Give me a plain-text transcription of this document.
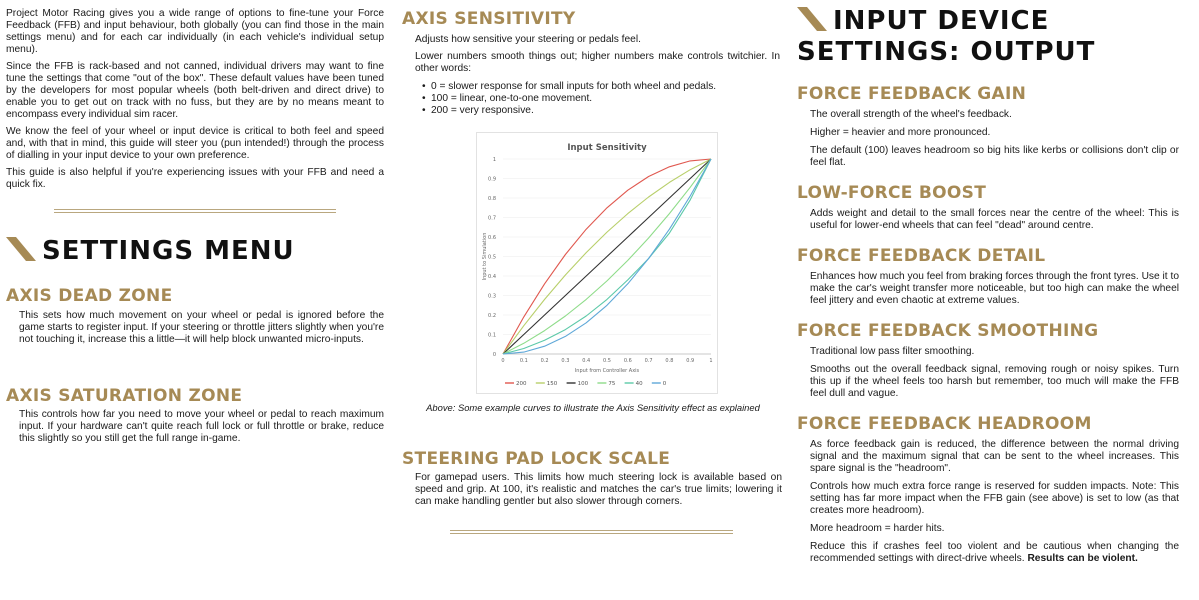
Project Motor Racing gives you a wide range of options to fine-tune your Force Feedback (FFB) and input behaviour, both globally (you can find those in the main settings menu) and for each car individually (in each vehicle's individual setup menu).

Since the FFB is rack-based and not canned, individual drivers may want to fine tune the settings that come "out of the box". These default values have been tuned by the developers for most popular wheels (both belt-driven and direct drive) to enable you to get out on track with no fuss, but they are by no means meant to encompass every individual sim racer.

We know the feel of your wheel or input device is critical to both feel and speed and, with that in mind, this guide will steer you (pun intended!) through the process of dialling in your input device to your own preference.

This guide is also helpful if you're experiencing issues with your FFB and need a quick fix.

SETTINGS MENU
AXIS DEAD ZONE

This sets how much movement on your wheel or pedal is ignored before the game starts to register input. If your steering or throttle jitters slightly when you're not touching it, increase this a little—it will help block unwanted micro-inputs.

AXIS SATURATION ZONE

This controls how far you need to move your wheel or pedal to reach maximum input. If your hardware can't quite reach full lock or full throttle or brake, reduce this slightly so you still get the full range in-game.

AXIS SENSITIVITY

Adjusts how sensitive your steering or pedals feel.

Lower numbers smooth things out; higher numbers make controls twitchier. In other words:

• 0 = slower response for small inputs for both wheel and pedals.
• 100 = linear, one-to-one movement.
• 200 = very responsive.
Input Sensitivity
0
0
0.1
0.1
0.2
0.2
0.3
0.3
0.4
0.4
0.5
0.5
0.6
0.6
0.7
0.7
0.8
0.8
0.9
0.9
1
1
Input from Controller Axis
Input to Simulation
200	150	100	75	40	0

Above: Some example curves to illustrate the Axis Sensitivity effect as explained

STEERING PAD LOCK SCALE

For gamepad users. This limits how much steering lock is available based on speed and grip. At 100, it's realistic and matches the car's true limits; lowering it can make handling gentler but also slower through corners.

INPUT DEVICE
SETTINGS: OUTPUT
FORCE FEEDBACK GAIN

The overall strength of the wheel's feedback.

Higher = heavier and more pronounced.

The default (100) leaves headroom so big hits like kerbs or collisions don't clip or feel flat.

LOW-FORCE BOOST

Adds weight and detail to the small forces near the centre of the wheel: This is useful for lower-end wheels that can feel "dead" around centre.

FORCE FEEDBACK DETAIL

Enhances how much you feel from braking forces through the front tyres. Use it to make the car's weight transfer more noticeable, but too high can make the wheel feel jittery and even chaotic at extreme values.

FORCE FEEDBACK SMOOTHING

Traditional low pass filter smoothing.

Smooths out the overall feedback signal, removing rough or noisy spikes. Turn this up if the wheel feels too harsh but remember, too much will make the FFB feel dull and vague.

FORCE FEEDBACK HEADROOM

As force feedback gain is reduced, the difference between the normal driving signal and the maximum signal that can be sent to the wheel increases. This spare signal is the "headroom".

Controls how much extra force range is reserved for sudden impacts. Note: This setting has far more impact when the FFB gain (see above) is set to low (as that creates more headroom).

More headroom = harder hits.

Reduce this if crashes feel too violent and be cautious when changing the recommended settings with direct-drive wheels. Results can be violent.
